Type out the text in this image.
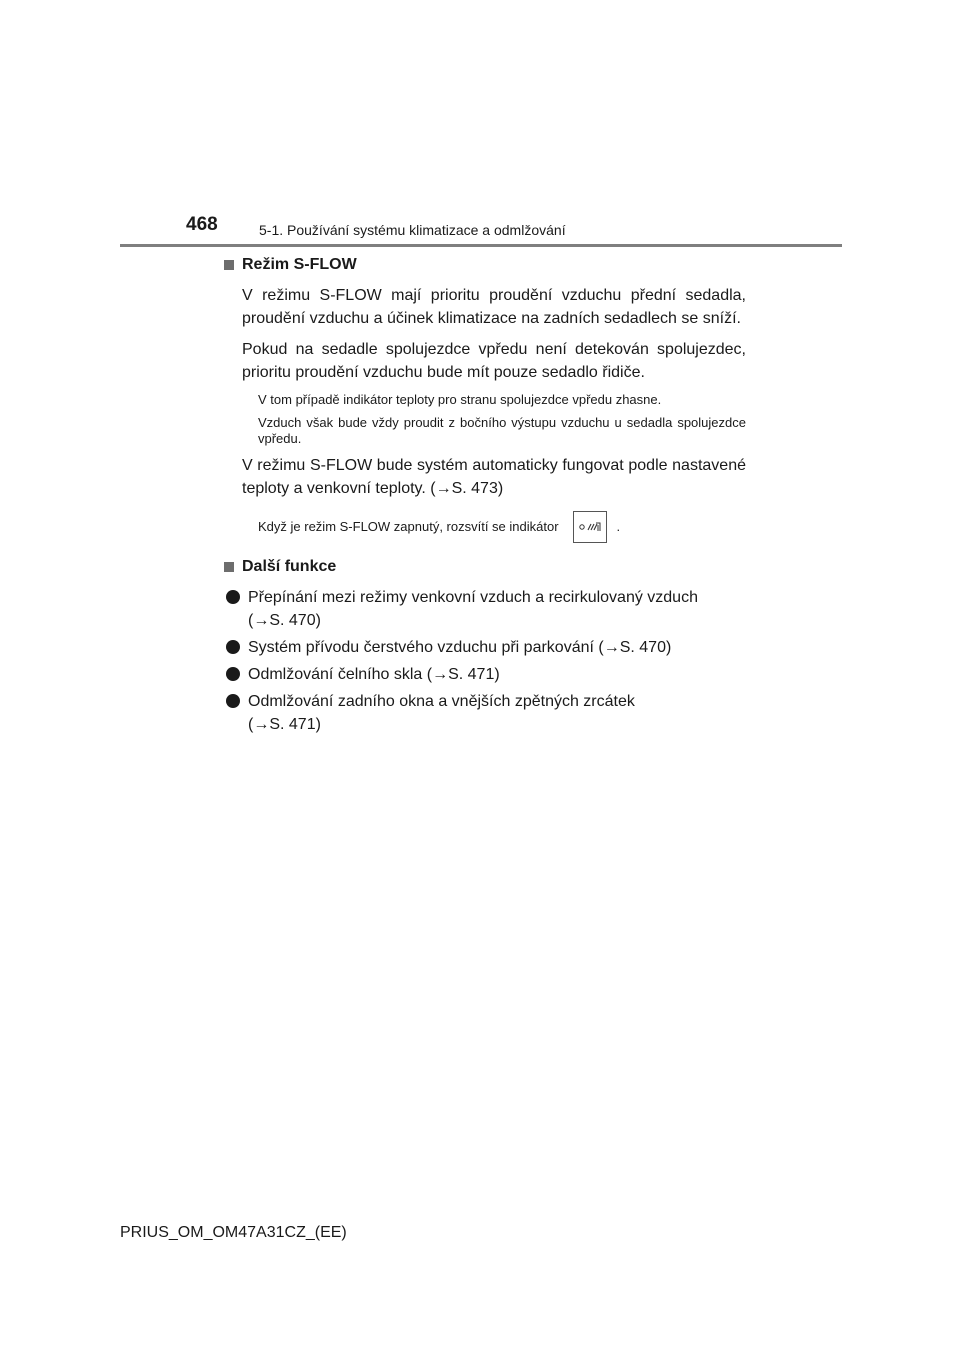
468	5-1. Používání systému klimatizace a odmlžování
Režim S-FLOW
V režimu S-FLOW mají prioritu proudění vzduchu přední sedadla, proudění vzduchu a účinek klimatizace na zadních sedadlech se sníží.
Pokud na sedadle spolujezdce vpředu není detekován spolujezdec, prioritu proudění vzduchu bude mít pouze sedadlo řidiče.
V tom případě indikátor teploty pro stranu spolujezdce vpředu zhasne.
Vzduch však bude vždy proudit z bočního výstupu vzduchu u sedadla spolujezdce vpředu.
V režimu S-FLOW bude systém automaticky fungovat podle nastavené teploty a venkovní teploty. (→S. 473)
Když je režim S-FLOW zapnutý, rozsvítí se indikátor	.
Další funkce
Přepínání mezi režimy venkovní vzduch a recirkulovaný vzduch
(→S. 470)
Systém přívodu čerstvého vzduchu při parkování (→S. 470)
Odmlžování čelního skla (→S. 471)
Odmlžování zadního okna a vnějších zpětných zrcátek
(→S. 471)
PRIUS_OM_OM47A31CZ_(EE)
